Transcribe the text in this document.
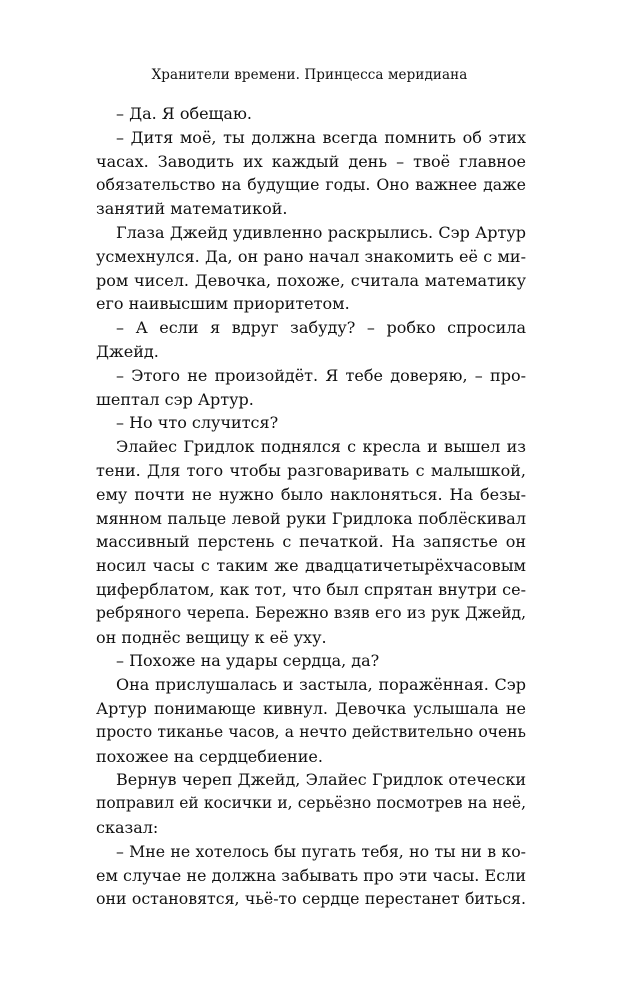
Хранители времени. Принцесса меридиана
– Да. Я обещаю.
– Дитя моё, ты должна всегда помнить об этих
часах. Заводить их каждый день – твоё главное
обязательство на будущие годы. Оно важнее даже
занятий математикой.
Глаза Джейд удивленно раскрылись. Сэр Артур
усмехнулся. Да, он рано начал знакомить её с ми-
ром чисел. Девочка, похоже, считала математику
его наивысшим приоритетом.
– А если я вдруг забуду? – робко спросила
Джейд.
– Этого не произойдёт. Я тебе доверяю, – про-
шептал сэр Артур.
– Но что случится?
Элайес Гридлок поднялся с кресла и вышел из
тени. Для того чтобы разговаривать с малышкой,
ему почти не нужно было наклоняться. На безы-
мянном пальце левой руки Гридлока поблёскивал
массивный перстень с печаткой. На запястье он
носил часы с таким же двадцатичетырёхчасовым
циферблатом, как тот, что был спрятан внутри се-
ребряного черепа. Бережно взяв его из рук Джейд,
он поднёс вещицу к её уху.
– Похоже на удары сердца, да?
Она прислушалась и застыла, поражённая. Сэр
Артур понимающе кивнул. Девочка услышала не
просто тиканье часов, а нечто действительно очень
похожее на сердцебиение.
Вернув череп Джейд, Элайес Гридлок отечески
поправил ей косички и, серьёзно посмотрев на неё,
сказал:
– Мне не хотелось бы пугать тебя, но ты ни в ко-
ем случае не должна забывать про эти часы. Если
они остановятся, чьё-то сердце перестанет биться.
